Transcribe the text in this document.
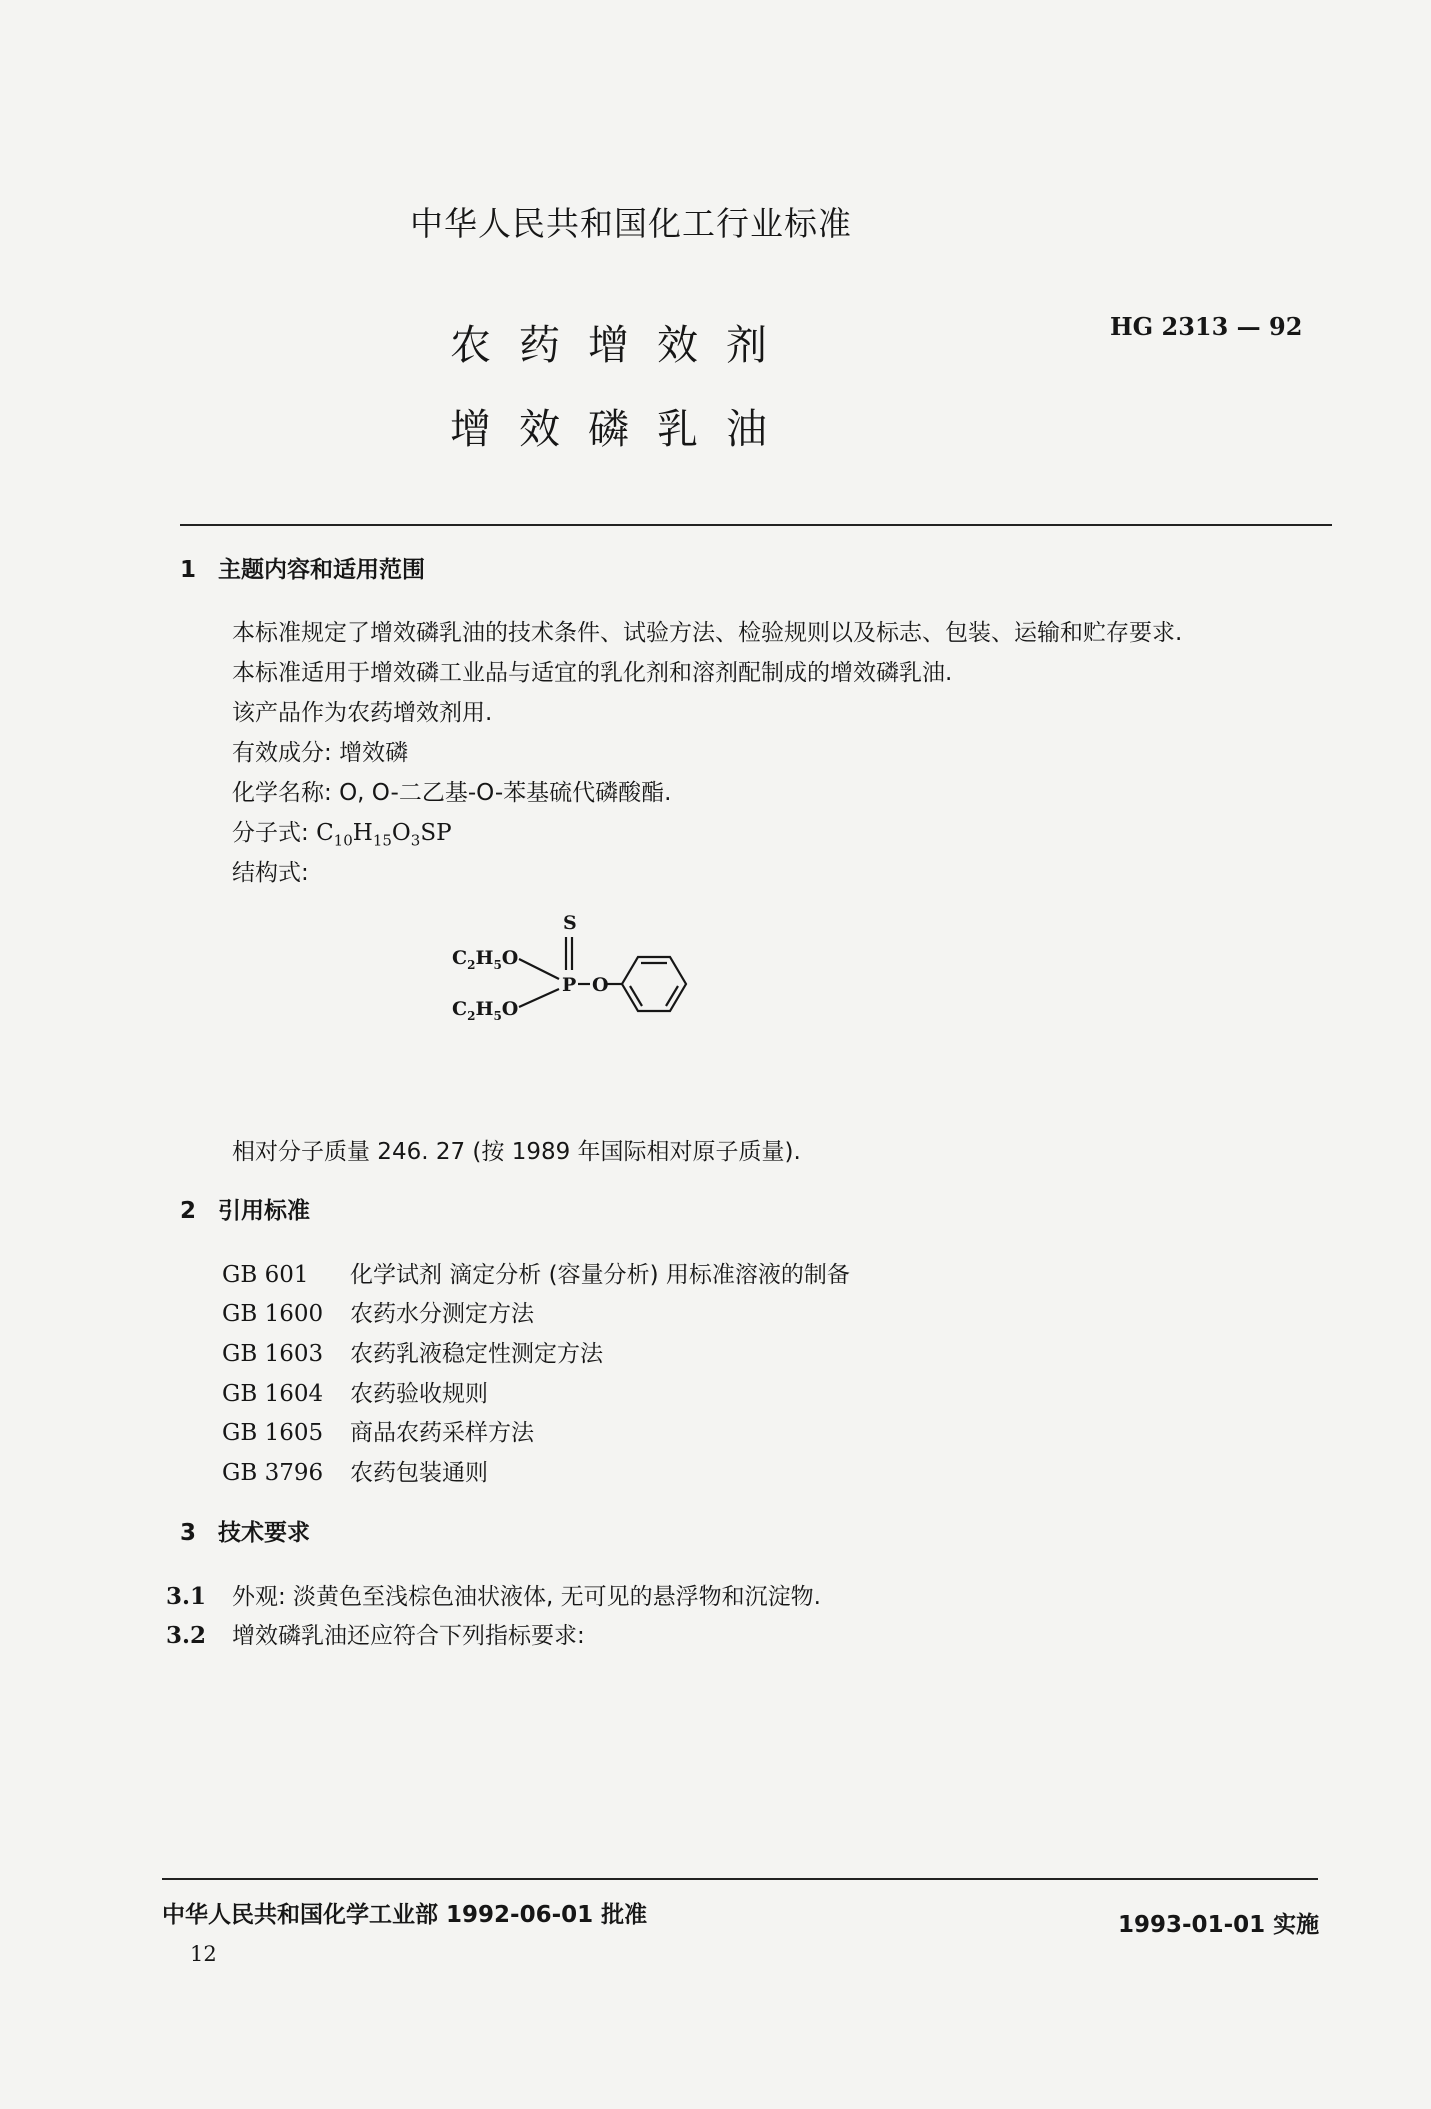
中华人民共和国化工行业标准
农药增效剂
增效磷乳油
HG 2313 — 92
1 主题内容和适用范围
本标准规定了增效磷乳油的技术条件、试验方法、检验规则以及标志、包装、运输和贮存要求.
本标准适用于增效磷工业品与适宜的乳化剂和溶剂配制成的增效磷乳油.
该产品作为农药增效剂用.
有效成分: 增效磷
化学名称: O, O-二乙基-O-苯基硫代磷酸酯.
分子式: $C_{10}H_{15}O_3SP$
结构式:
$C_2H_5O$
$C_2H_5O$
S
P O
相对分子质量 246. 27 (按 1989 年国际相对原子质量).
2 引用标准
GB 601 化学试剂 滴定分析 (容量分析) 用标准溶液的制备
GB 1600 农药水分测定方法
GB 1603 农药乳液稳定性测定方法
GB 1604 农药验收规则
GB 1605 商品农药采样方法
GB 3796 农药包装通则
3 技术要求
3.1 外观: 淡黄色至浅棕色油状液体, 无可见的悬浮物和沉淀物.
3.2 增效磷乳油还应符合下列指标要求:
中华人民共和国化学工业部 1992-06-01 批准	1993-01-01 实施
12
